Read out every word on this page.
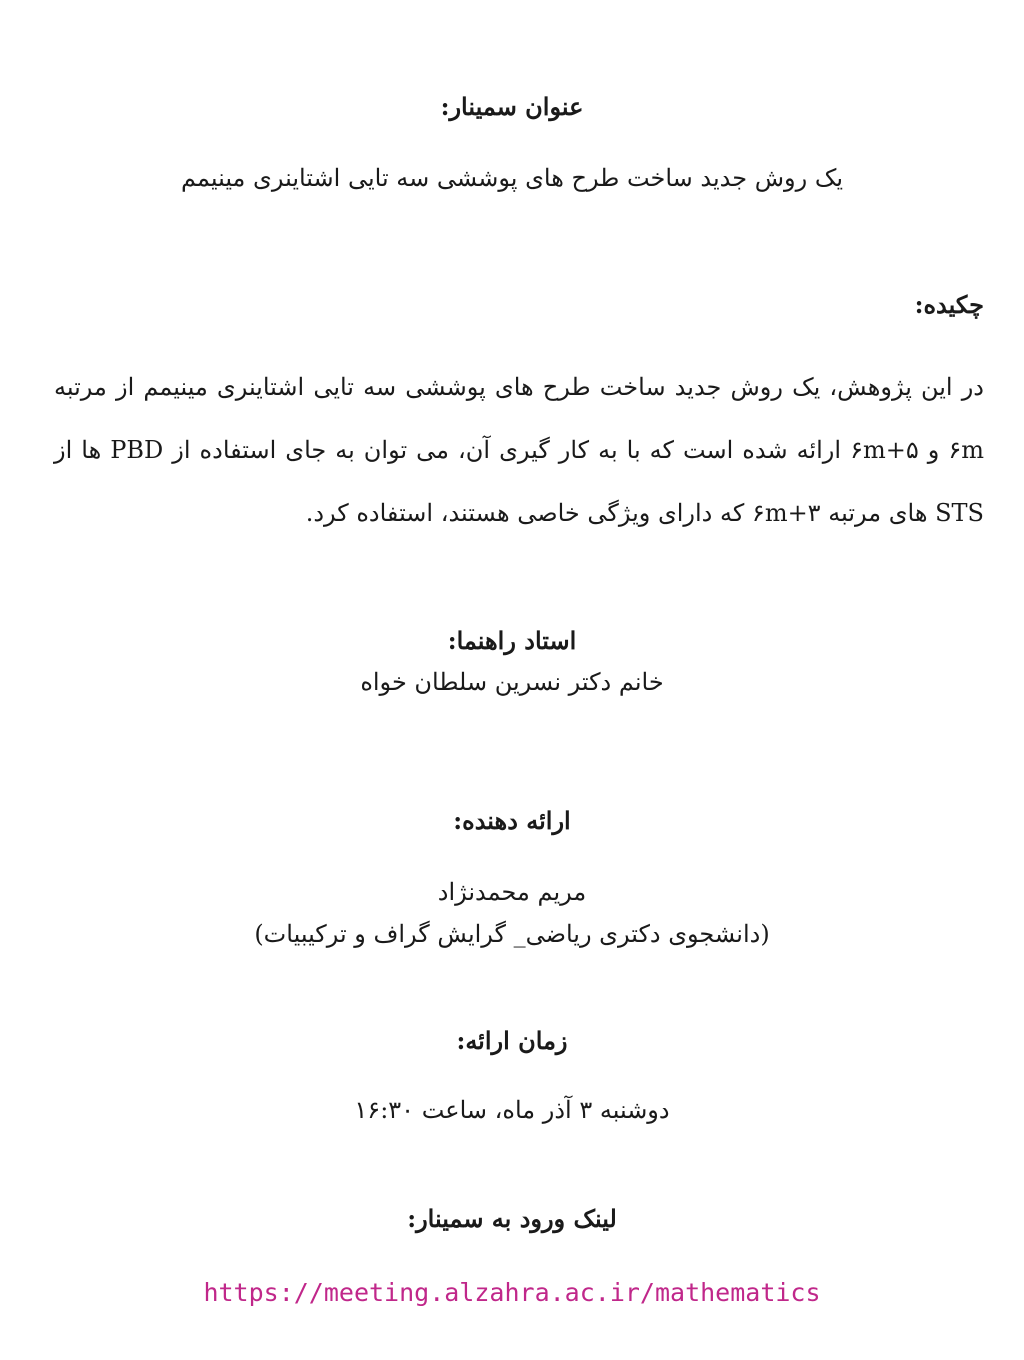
عنوان سمینار:
یک روش جدید ساخت طرح های پوششی سه تایی اشتاینری مینیمم
چکیده:
در این پژوهش، یک روش جدید ساخت طرح های پوششی سه تایی اشتاینری مینیمم از مرتبه ۶m و ۶m+۵ ارائه شده است که با به کار گیری آن، می توان به جای استفاده از PBD ها از STS های مرتبه ۶m+۳ که دارای ویژگی خاصی هستند، استفاده کرد.
استاد راهنما:
خانم دکتر نسرین سلطان خواه
ارائه دهنده:
مریم محمدنژاد
(دانشجوی دکتری ریاضی_ گرایش گراف و ترکیبیات)
زمان ارائه:
دوشنبه ۳ آذر ماه، ساعت ۱۶:۳۰
لینک ورود به سمینار:
https://meeting.alzahra.ac.ir/mathematics
